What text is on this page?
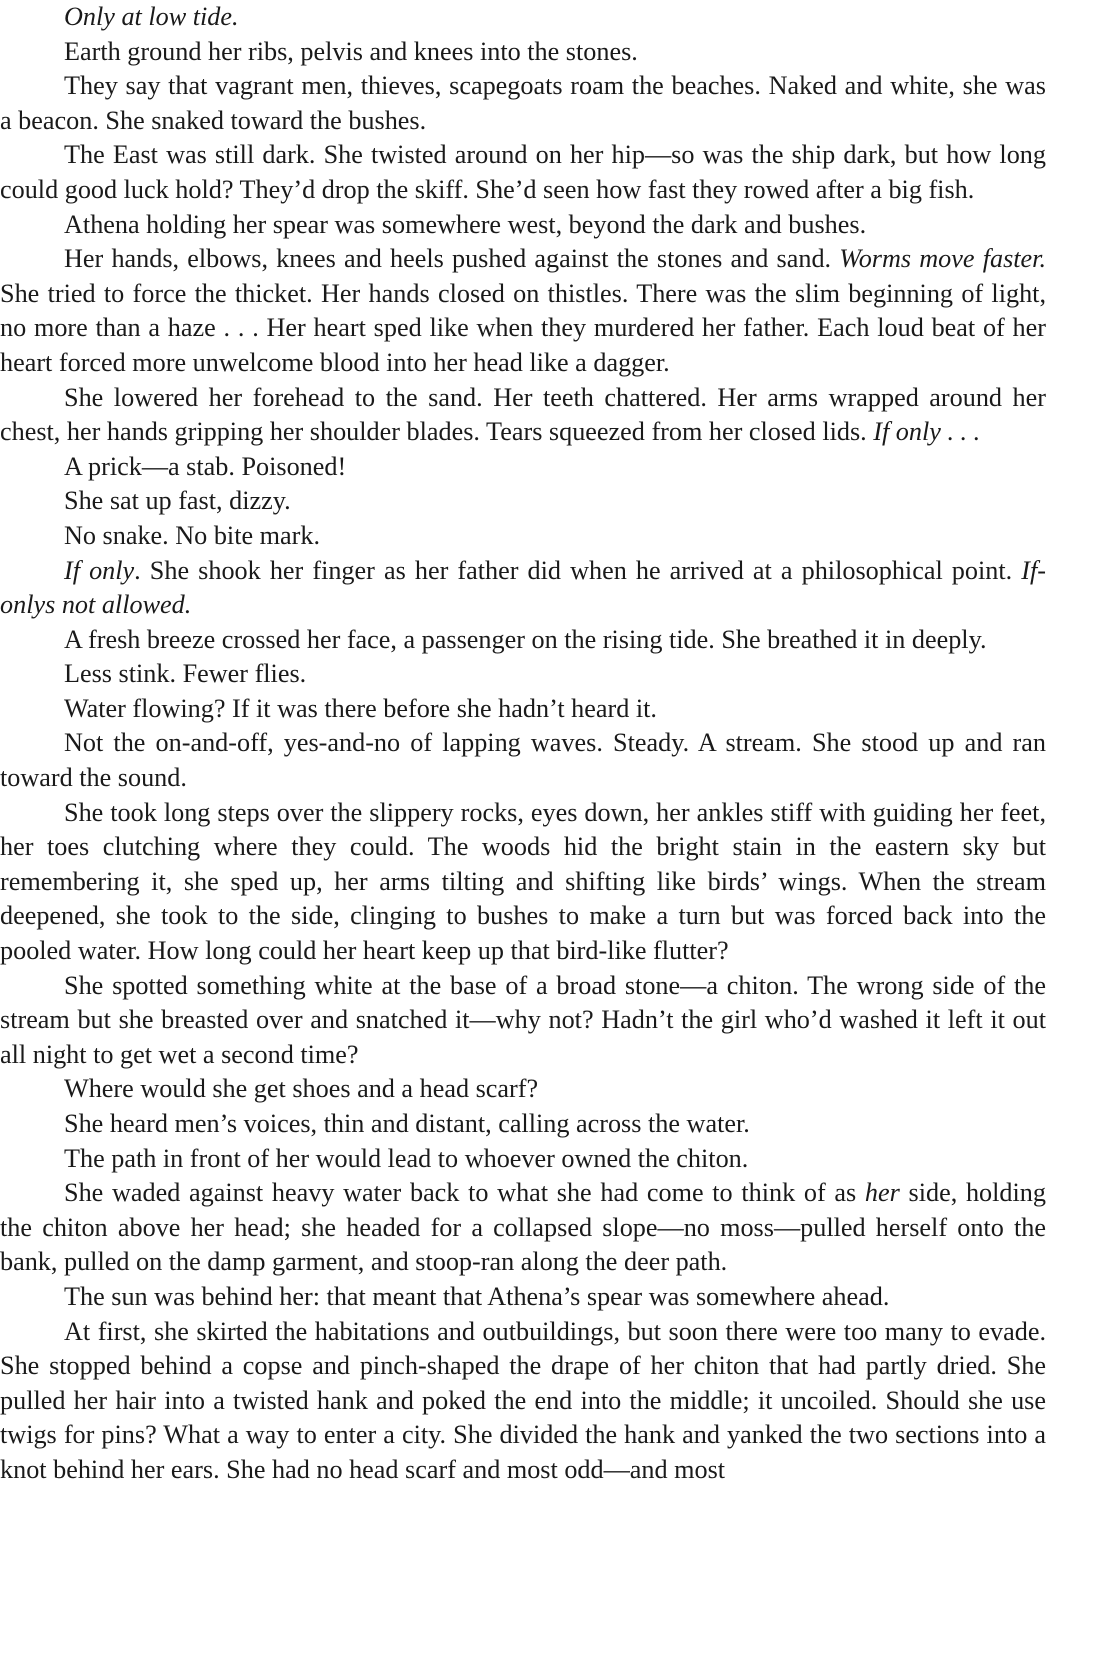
Only at low tide.

Earth ground her ribs, pelvis and knees into the stones.

They say that vagrant men, thieves, scapegoats roam the beaches. Naked and white, she was a beacon. She snaked toward the bushes.

The East was still dark. She twisted around on her hip—so was the ship dark, but how long could good luck hold? They’d drop the skiff. She’d seen how fast they rowed after a big fish.

Athena holding her spear was somewhere west, beyond the dark and bushes.

Her hands, elbows, knees and heels pushed against the stones and sand. Worms move faster. She tried to force the thicket. Her hands closed on thistles. There was the slim beginning of light, no more than a haze . . . Her heart sped like when they murdered her father. Each loud beat of her heart forced more unwelcome blood into her head like a dagger.

She lowered her forehead to the sand. Her teeth chattered. Her arms wrapped around her chest, her hands gripping her shoulder blades. Tears squeezed from her closed lids. If only . . .

A prick—a stab. Poisoned!

She sat up fast, dizzy.

No snake. No bite mark.

If only. She shook her finger as her father did when he arrived at a philosophical point. If-onlys not allowed.

A fresh breeze crossed her face, a passenger on the rising tide. She breathed it in deeply.

Less stink. Fewer flies.

Water flowing? If it was there before she hadn’t heard it.

Not the on-and-off, yes-and-no of lapping waves. Steady. A stream. She stood up and ran toward the sound.

She took long steps over the slippery rocks, eyes down, her ankles stiff with guiding her feet, her toes clutching where they could. The woods hid the bright stain in the eastern sky but remembering it, she sped up, her arms tilting and shifting like birds’ wings. When the stream deepened, she took to the side, clinging to bushes to make a turn but was forced back into the pooled water. How long could her heart keep up that bird-like flutter?

She spotted something white at the base of a broad stone—a chiton. The wrong side of the stream but she breasted over and snatched it—why not? Hadn’t the girl who’d washed it left it out all night to get wet a second time?

Where would she get shoes and a head scarf?

She heard men’s voices, thin and distant, calling across the water.

The path in front of her would lead to whoever owned the chiton.

She waded against heavy water back to what she had come to think of as her side, holding the chiton above her head; she headed for a collapsed slope—no moss—pulled herself onto the bank, pulled on the damp garment, and stoop-ran along the deer path.

The sun was behind her: that meant that Athena’s spear was somewhere ahead.

At first, she skirted the habitations and outbuildings, but soon there were too many to evade. She stopped behind a copse and pinch-shaped the drape of her chiton that had partly dried. She pulled her hair into a twisted hank and poked the end into the middle; it uncoiled. Should she use twigs for pins? What a way to enter a city. She divided the hank and yanked the two sections into a knot behind her ears. She had no head scarf and most odd—and most
